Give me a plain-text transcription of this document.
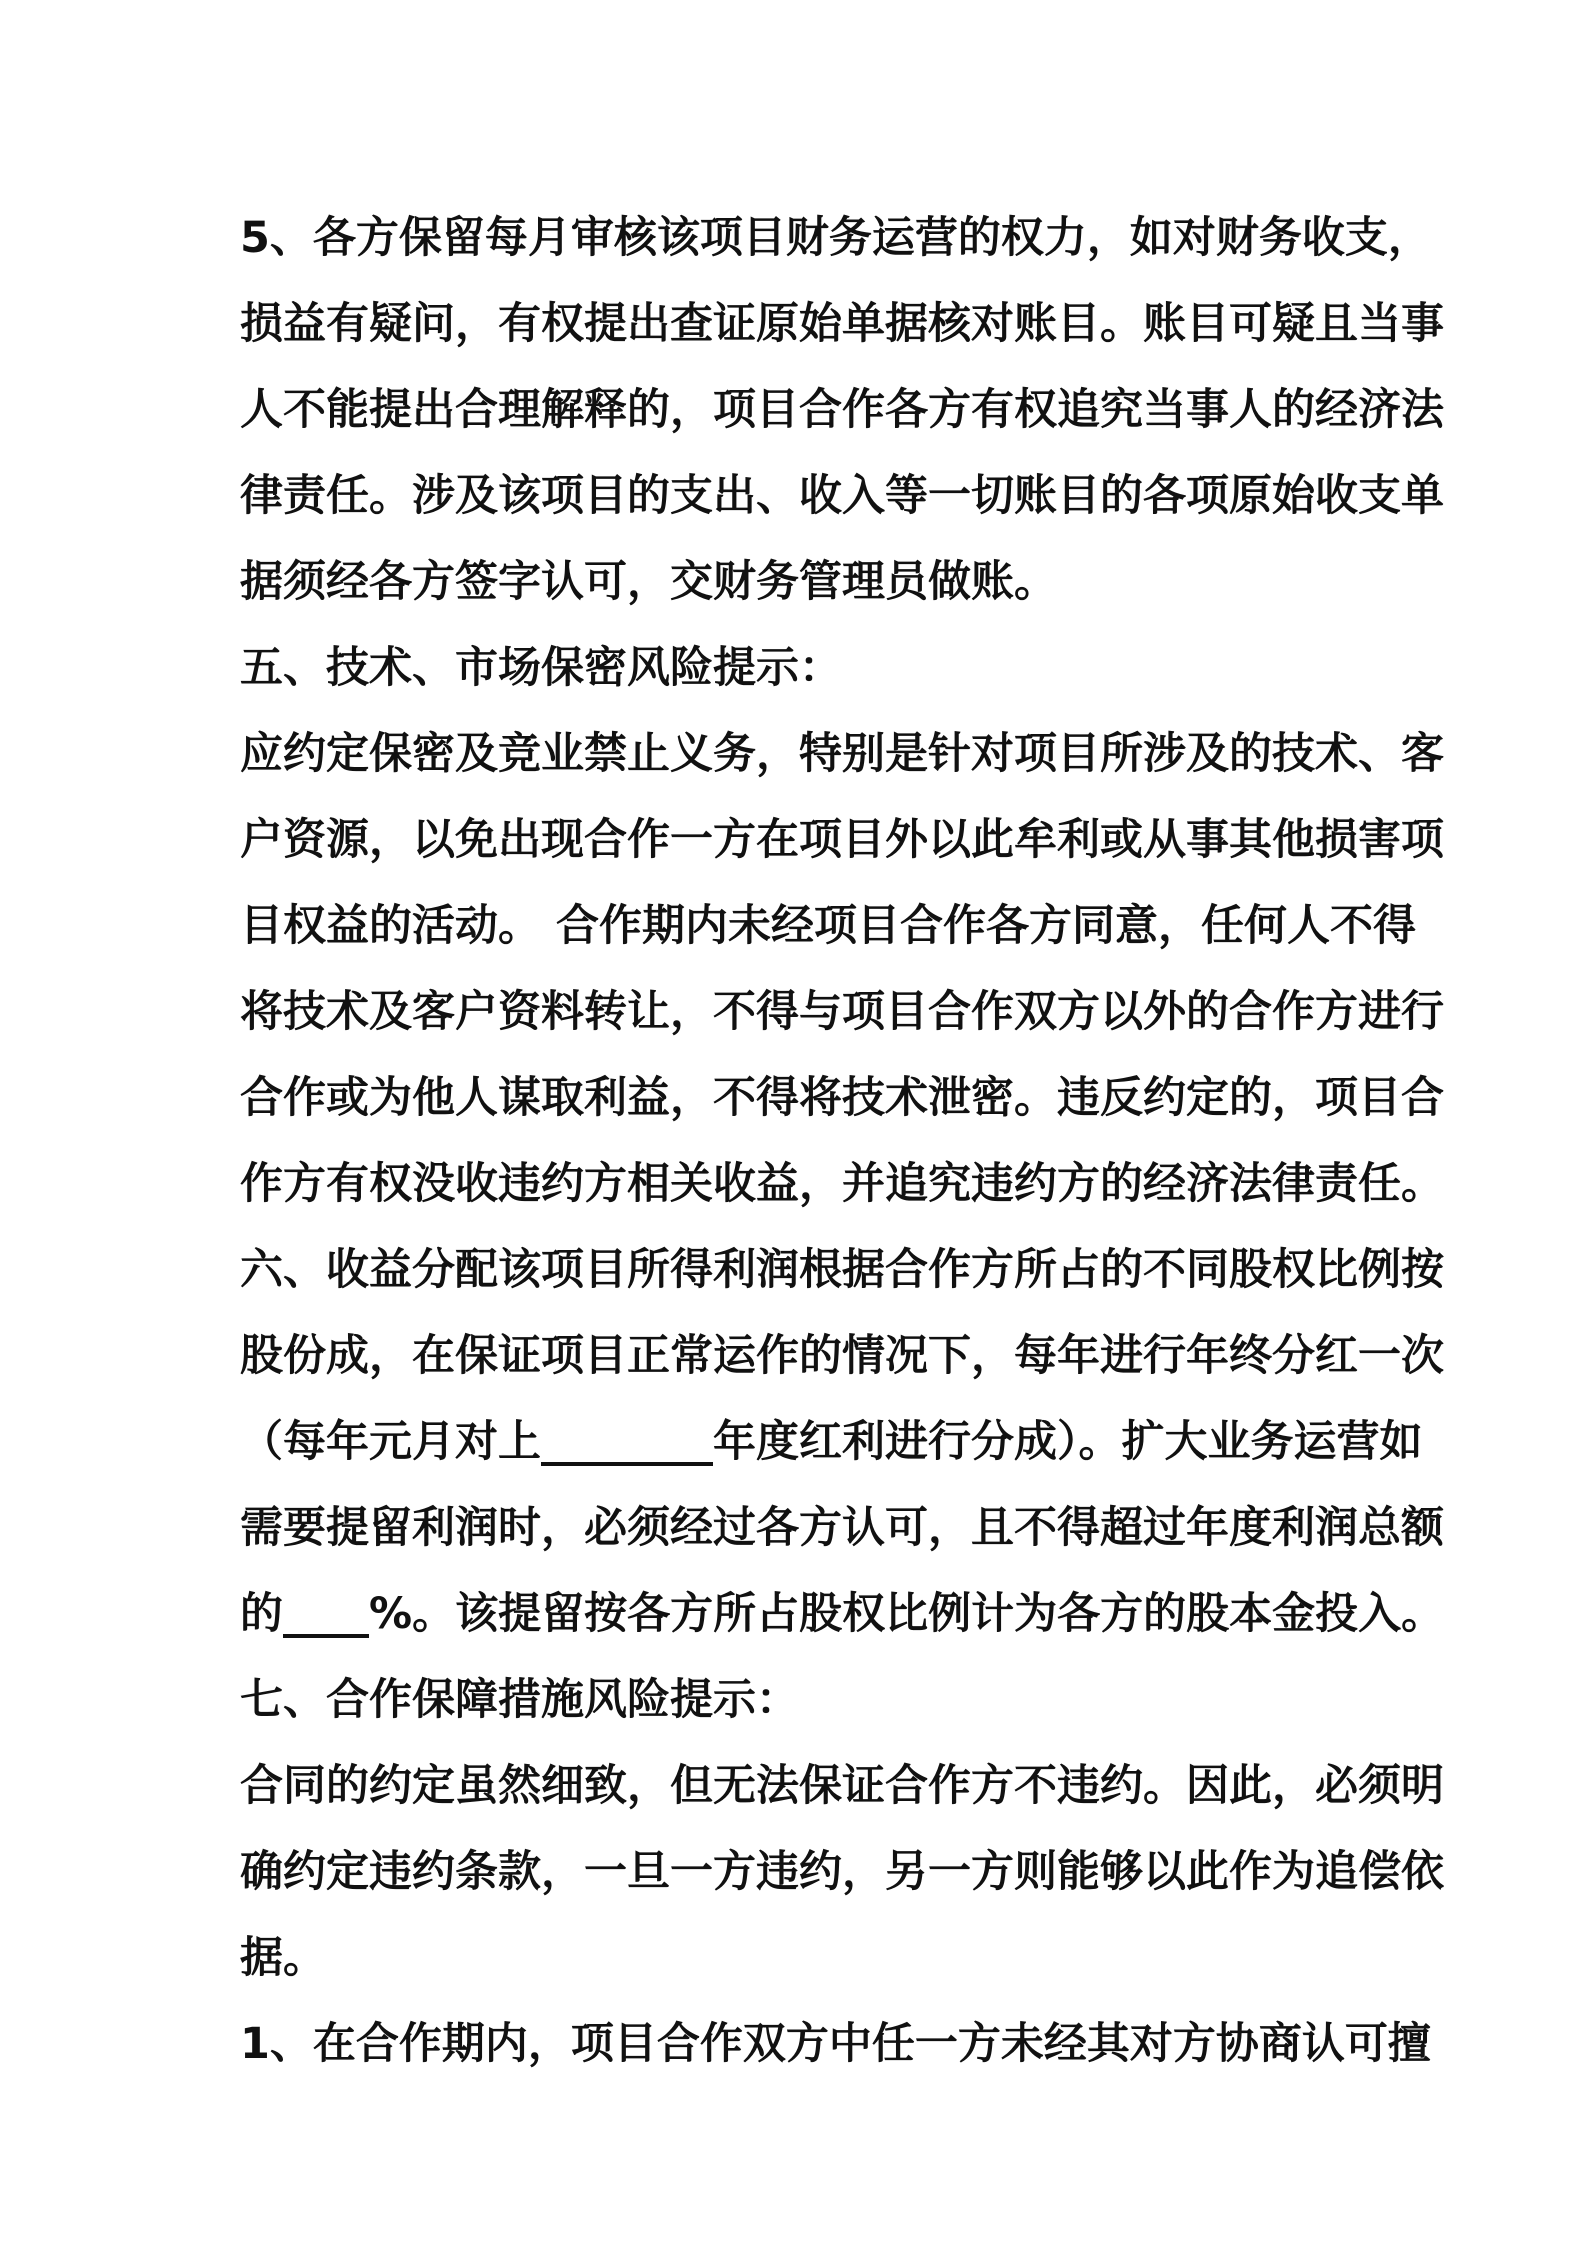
5、各方保留每月审核该项目财务运营的权力，如对财务收支，
损益有疑问，有权提出查证原始单据核对账目。账目可疑且当事
人不能提出合理解释的，项目合作各方有权追究当事人的经济法
律责任。涉及该项目的支出、收入等一切账目的各项原始收支单
据须经各方签字认可，交财务管理员做账。
五、技术、市场保密风险提示：
应约定保密及竞业禁止义务，特别是针对项目所涉及的技术、客
户资源，以免出现合作一方在项目外以此牟利或从事其他损害项
目权益的活动。 合作期内未经项目合作各方同意，任何人不得
将技术及客户资料转让，不得与项目合作双方以外的合作方进行
合作或为他人谋取利益，不得将技术泄密。违反约定的，项目合
作方有权没收违约方相关收益，并追究违约方的经济法律责任。
六、收益分配该项目所得利润根据合作方所占的不同股权比例按
股份成，在保证项目正常运作的情况下，每年进行年终分红一次
（每年元月对上________年度红利进行分成）。扩大业务运营如
需要提留利润时，必须经过各方认可，且不得超过年度利润总额
的____%。该提留按各方所占股权比例计为各方的股本金投入。
七、合作保障措施风险提示：
合同的约定虽然细致，但无法保证合作方不违约。因此，必须明
确约定违约条款，一旦一方违约，另一方则能够以此作为追偿依
据。
1、在合作期内，项目合作双方中任一方未经其对方协商认可擅
